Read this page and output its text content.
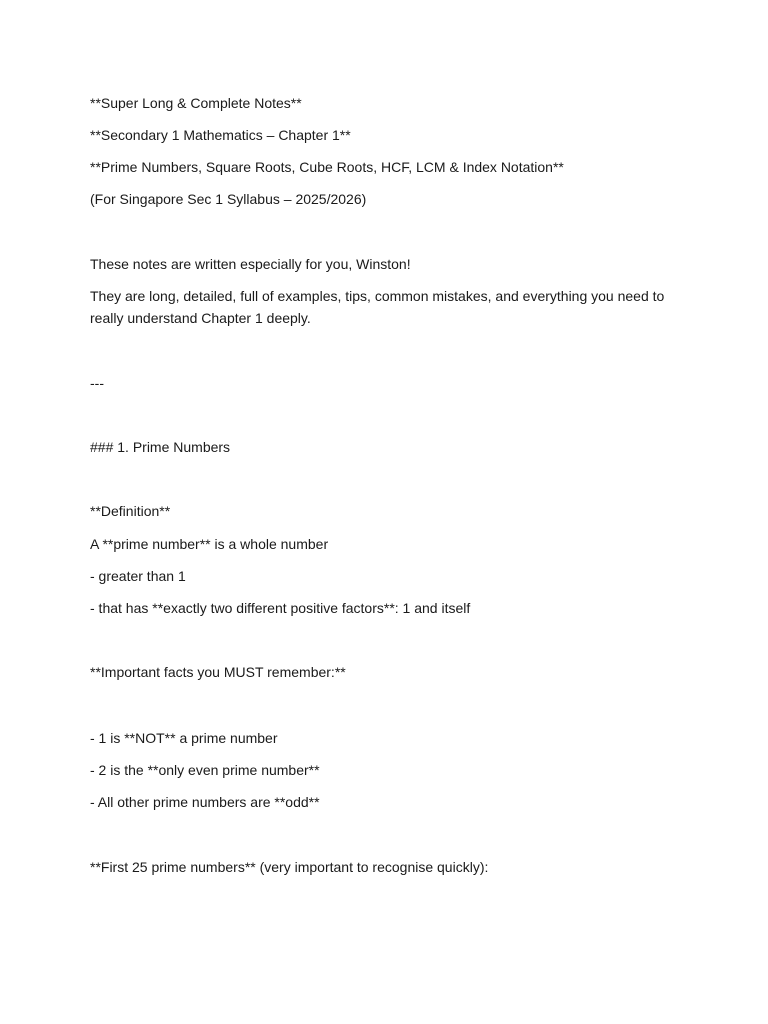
**Super Long & Complete Notes**

**Secondary 1 Mathematics – Chapter 1**

**Prime Numbers, Square Roots, Cube Roots, HCF, LCM & Index Notation**

(For Singapore Sec 1 Syllabus – 2025/2026)

These notes are written especially for you, Winston!

They are long, detailed, full of examples, tips, common mistakes, and everything you need to really understand Chapter 1 deeply.

---

### 1. Prime Numbers

**Definition**

A **prime number** is a whole number

- greater than 1

- that has **exactly two different positive factors**: 1 and itself

**Important facts you MUST remember:**

- 1 is **NOT** a prime number

- 2 is the **only even prime number**

- All other prime numbers are **odd**

**First 25 prime numbers** (very important to recognise quickly):
